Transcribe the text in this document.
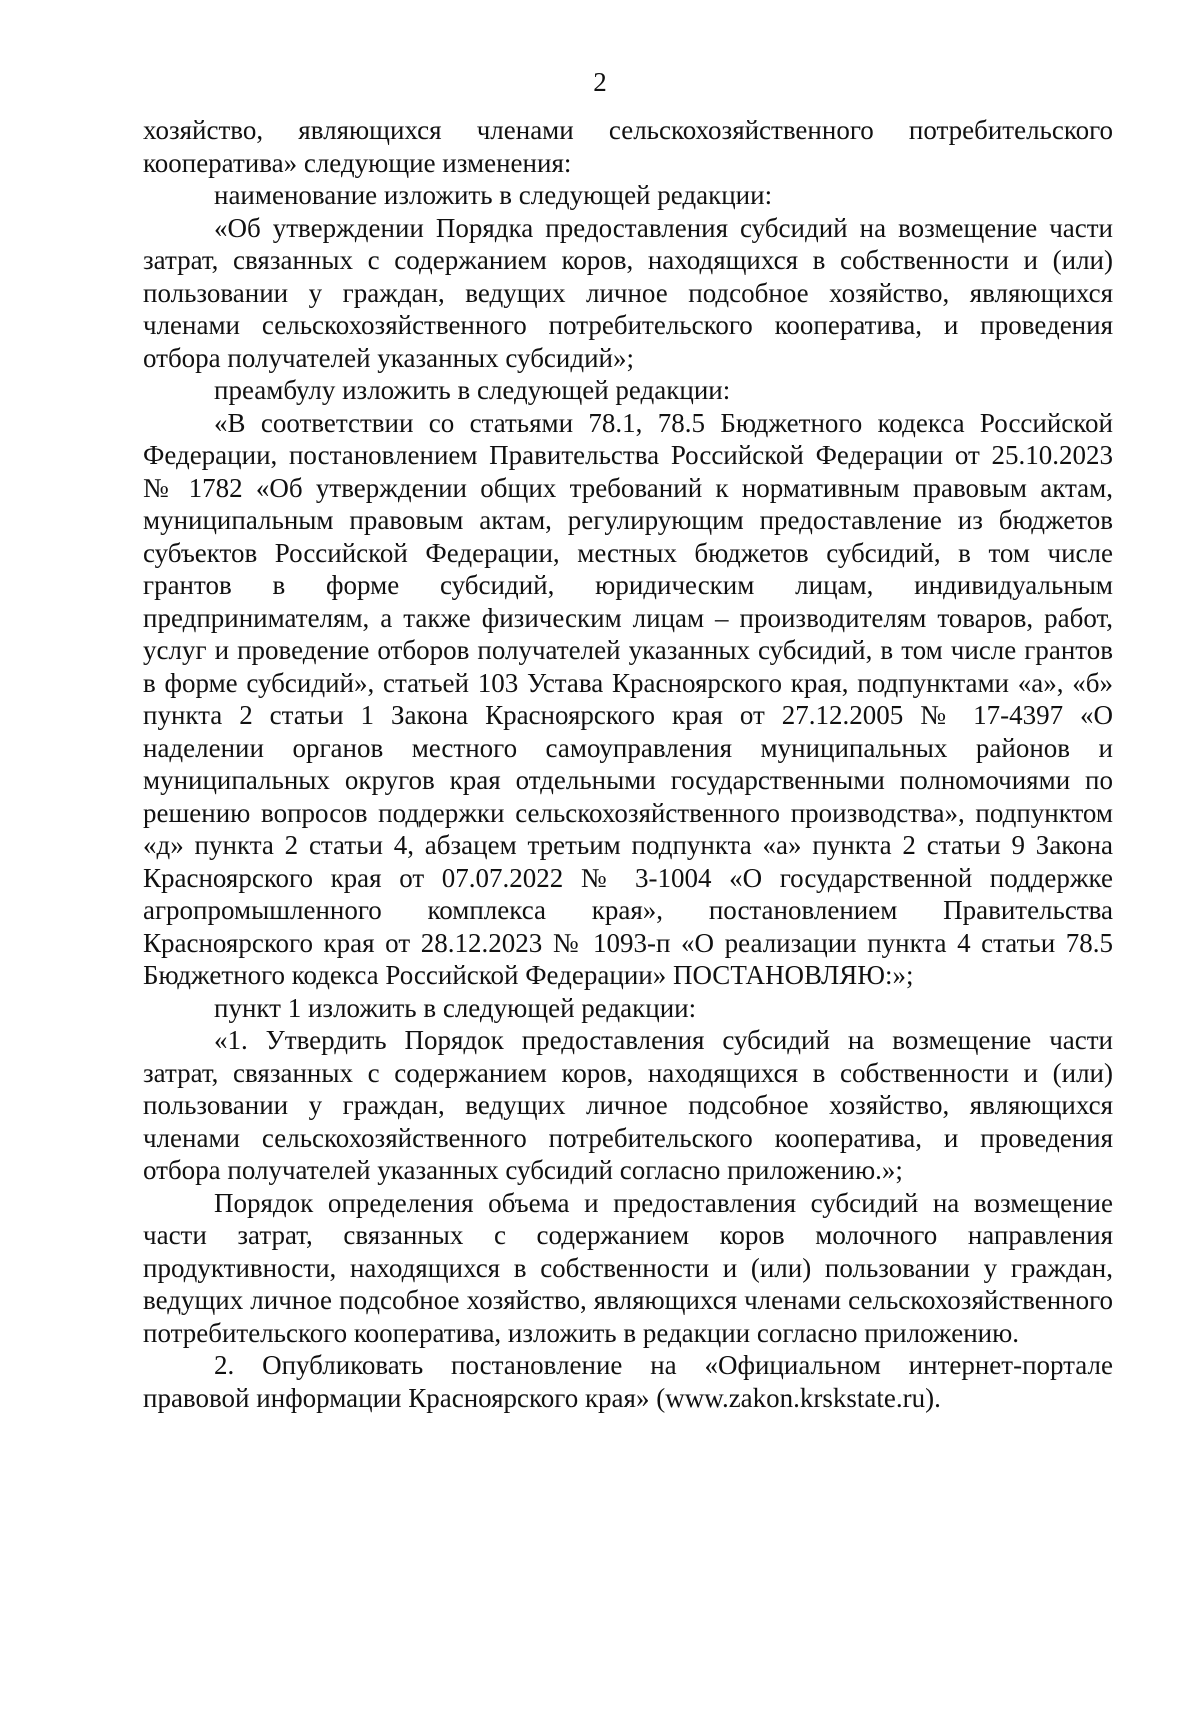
2

хозяйство, являющихся членами сельскохозяйственного потребительского кооператива» следующие изменения:

наименование изложить в следующей редакции:

«Об утверждении Порядка предоставления субсидий на возмещение части затрат, связанных с содержанием коров, находящихся в собственности и (или) пользовании у граждан, ведущих личное подсобное хозяйство, являющихся членами сельскохозяйственного потребительского кооператива, и проведения отбора получателей указанных субсидий»;

преамбулу изложить в следующей редакции:

«В соответствии со статьями 78.1, 78.5 Бюджетного кодекса Российской Федерации, постановлением Правительства Российской Федерации от 25.10.2023 № 1782 «Об утверждении общих требований к нормативным правовым актам, муниципальным правовым актам, регулирующим предоставление из бюджетов субъектов Российской Федерации, местных бюджетов субсидий, в том числе грантов в форме субсидий, юридическим лицам, индивидуальным предпринимателям, а также физическим лицам – производителям товаров, работ, услуг и проведение отборов получателей указанных субсидий, в том числе грантов в форме субсидий», статьей 103 Устава Красноярского края, подпунктами «а», «б» пункта 2 статьи 1 Закона Красноярского края от 27.12.2005 № 17-4397 «О наделении органов местного самоуправления муниципальных районов и муниципальных округов края отдельными государственными полномочиями по решению вопросов поддержки сельскохозяйственного производства», подпунктом «д» пункта 2 статьи 4, абзацем третьим подпункта «а» пункта 2 статьи 9 Закона Красноярского края от 07.07.2022 № 3-1004 «О государственной поддержке агропромышленного комплекса края», постановлением Правительства Красноярского края от 28.12.2023 № 1093-п «О реализации пункта 4 статьи 78.5 Бюджетного кодекса Российской Федерации» ПОСТАНОВЛЯЮ:»;

пункт 1 изложить в следующей редакции:

«1. Утвердить Порядок предоставления субсидий на возмещение части затрат, связанных с содержанием коров, находящихся в собственности и (или) пользовании у граждан, ведущих личное подсобное хозяйство, являющихся членами сельскохозяйственного потребительского кооператива, и проведения отбора получателей указанных субсидий согласно приложению.»;

Порядок определения объема и предоставления субсидий на возмещение части затрат, связанных с содержанием коров молочного направления продуктивности, находящихся в собственности и (или) пользовании у граждан, ведущих личное подсобное хозяйство, являющихся членами сельскохозяйственного потребительского кооператива, изложить в редакции согласно приложению.

2. Опубликовать постановление на «Официальном интернет-портале правовой информации Красноярского края» (www.zakon.krskstate.ru).
